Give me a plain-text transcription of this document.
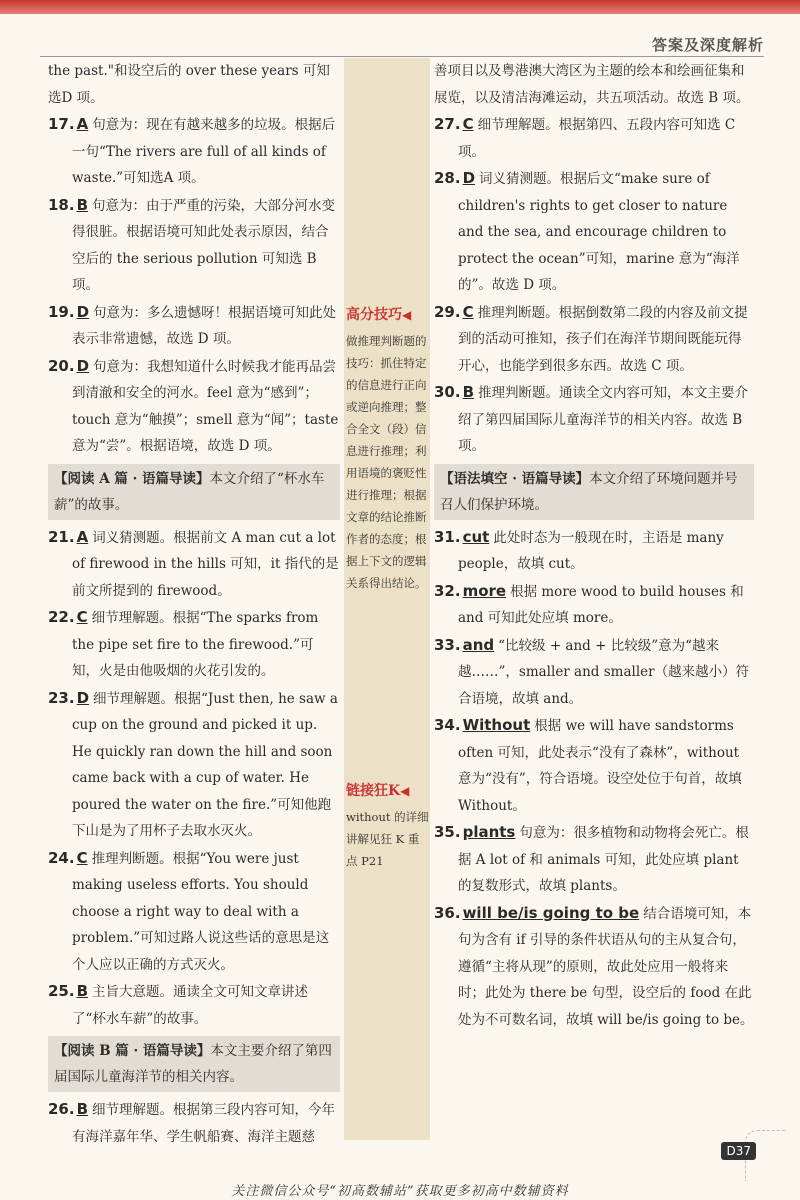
答案及深度解析
the past."和设空后的 over these years 可知选D 项。
17. A 句意为：现在有越来越多的垃圾。根据后一句“The rivers are full of all kinds of waste.”可知选A 项。
18. B 句意为：由于严重的污染，大部分河水变得很脏。根据语境可知此处表示原因，结合空后的 the serious pollution 可知选 B 项。
19. D 句意为：多么遗憾呀！根据语境可知此处表示非常遗憾，故选 D 项。
20. D 句意为：我想知道什么时候我才能再品尝到清澈和安全的河水。feel 意为“感到”；touch 意为“触摸”；smell 意为“闻”；taste 意为“尝”。根据语境，故选 D 项。
【阅读 A 篇 · 语篇导读】本文介绍了“杯水车薪”的故事。
21. A 词义猜测题。根据前文 A man cut a lot of firewood in the hills 可知，it 指代的是前文所提到的 firewood。
22. C 细节理解题。根据“The sparks from the pipe set fire to the firewood.”可知，火是由他吸烟的火花引发的。
23. D 细节理解题。根据“Just then, he saw a cup on the ground and picked it up. He quickly ran down the hill and soon came back with a cup of water. He poured the water on the fire.”可知他跑下山是为了用杯子去取水灭火。
24. C 推理判断题。根据“You were just making useless efforts. You should choose a right way to deal with a problem.”可知过路人说这些话的意思是这个人应以正确的方式灭火。
25. B 主旨大意题。通读全文可知文章讲述了“杯水车薪”的故事。
【阅读 B 篇 · 语篇导读】本文主要介绍了第四届国际儿童海洋节的相关内容。
26. B 细节理解题。根据第三段内容可知，今年有海洋嘉年华、学生帆船赛、海洋主题慈
高分技巧◀
做推理判断题的技巧：抓住特定的信息进行正向或逆向推理；整合全文（段）信息进行推理；利用语境的褒贬性进行推理；根据文章的结论推断作者的态度；根据上下文的逻辑关系得出结论。
链接狂K◀
without 的详细讲解见狂 K 重点 P21
善项目以及粤港澳大湾区为主题的绘本和绘画征集和展览，以及清洁海滩运动，共五项活动。故选 B 项。
27. C 细节理解题。根据第四、五段内容可知选 C 项。
28. D 词义猜测题。根据后文“make sure of children's rights to get closer to nature and the sea, and encourage children to protect the ocean”可知，marine 意为“海洋的”。故选 D 项。
29. C 推理判断题。根据倒数第二段的内容及前文提到的活动可推知，孩子们在海洋节期间既能玩得开心，也能学到很多东西。故选 C 项。
30. B 推理判断题。通读全文内容可知，本文主要介绍了第四届国际儿童海洋节的相关内容。故选 B 项。
【语法填空 · 语篇导读】本文介绍了环境问题并号召人们保护环境。
31. cut 此处时态为一般现在时，主语是 many people，故填 cut。
32. more 根据 more wood to build houses 和 and 可知此处应填 more。
33. and “比较级 + and + 比较级”意为“越来越……”，smaller and smaller（越来越小）符合语境，故填 and。
34. Without 根据 we will have sandstorms often 可知，此处表示“没有了森林”，without 意为“没有”，符合语境。设空处位于句首，故填 Without。
35. plants 句意为：很多植物和动物将会死亡。根据 A lot of 和 animals 可知，此处应填 plant 的复数形式，故填 plants。
36. will be/is going to be 结合语境可知，本句为含有 if 引导的条件状语从句的主从复合句，遵循“主将从现”的原则，故此处应用一般将来时；此处为 there be 句型，设空后的 food 在此处为不可数名词，故填 will be/is going to be。
D37
关注微信公众号“初高数辅站”获取更多初高中数辅资料
